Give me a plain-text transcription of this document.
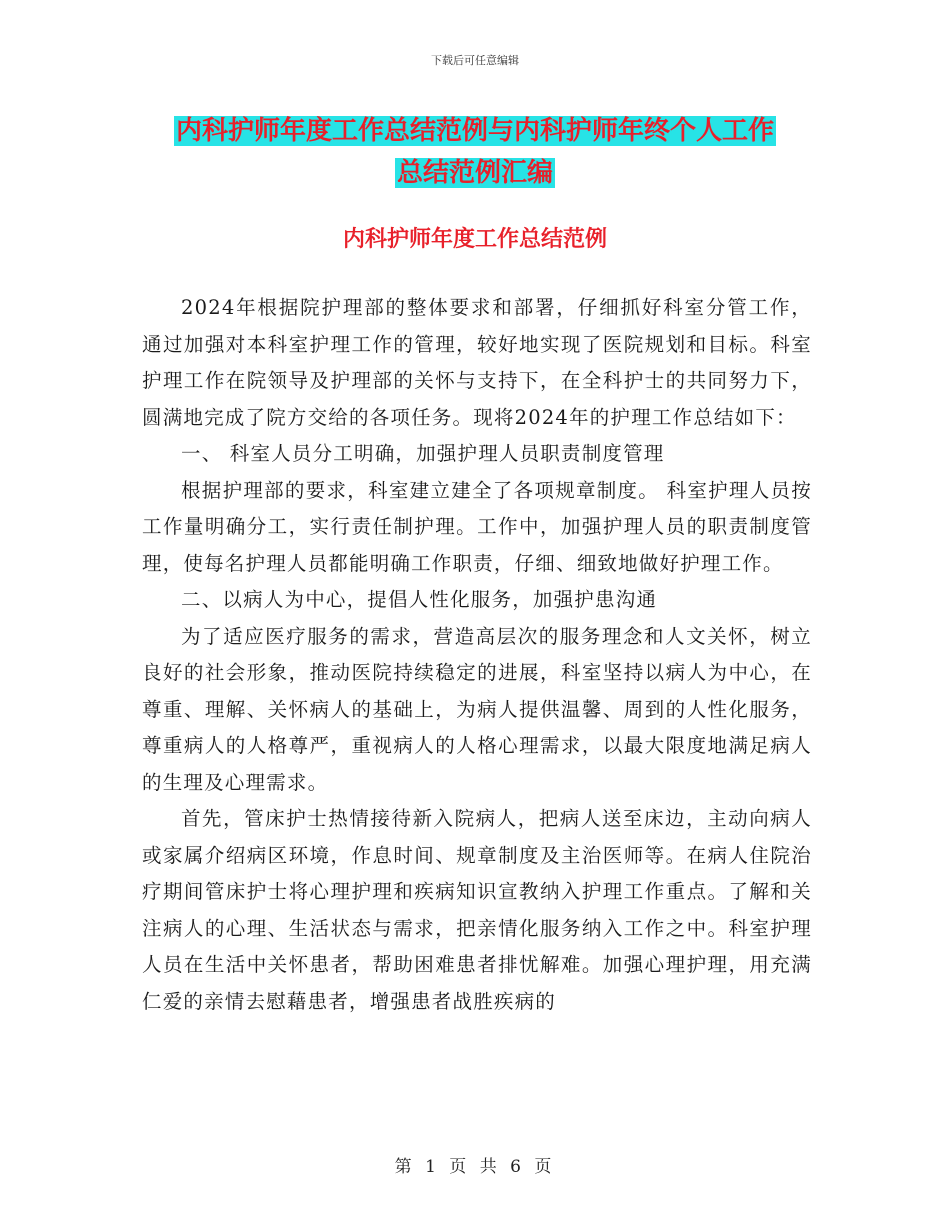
下载后可任意编辑
内科护师年度工作总结范例与内科护师年终个人工作
总结范例汇编
内科护师年度工作总结范例

2024年根据院护理部的整体要求和部署，仔细抓好科室分管工作，通过加强对本科室护理工作的管理，较好地实现了医院规划和目标。科室护理工作在院领导及护理部的关怀与支持下，在全科护士的共同努力下，圆满地完成了院方交给的各项任务。现将2024年的护理工作总结如下：

一、 科室人员分工明确，加强护理人员职责制度管理

根据护理部的要求，科室建立建全了各项规章制度。 科室护理人员按工作量明确分工，实行责任制护理。工作中，加强护理人员的职责制度管理，使每名护理人员都能明确工作职责，仔细、细致地做好护理工作。

二、以病人为中心，提倡人性化服务，加强护患沟通

为了适应医疗服务的需求，营造高层次的服务理念和人文关怀，树立良好的社会形象，推动医院持续稳定的进展，科室坚持以病人为中心，在尊重、理解、关怀病人的基础上，为病人提供温馨、周到的人性化服务，尊重病人的人格尊严，重视病人的人格心理需求，以最大限度地满足病人的生理及心理需求。

首先，管床护士热情接待新入院病人，把病人送至床边，主动向病人或家属介绍病区环境，作息时间、规章制度及主治医师等。在病人住院治疗期间管床护士将心理护理和疾病知识宣教纳入护理工作重点。了解和关注病人的心理、生活状态与需求，把亲情化服务纳入工作之中。科室护理人员在生活中关怀患者，帮助困难患者排忧解难。加强心理护理，用充满仁爱的亲情去慰藉患者，增强患者战胜疾病的

第 1 页 共 6 页
